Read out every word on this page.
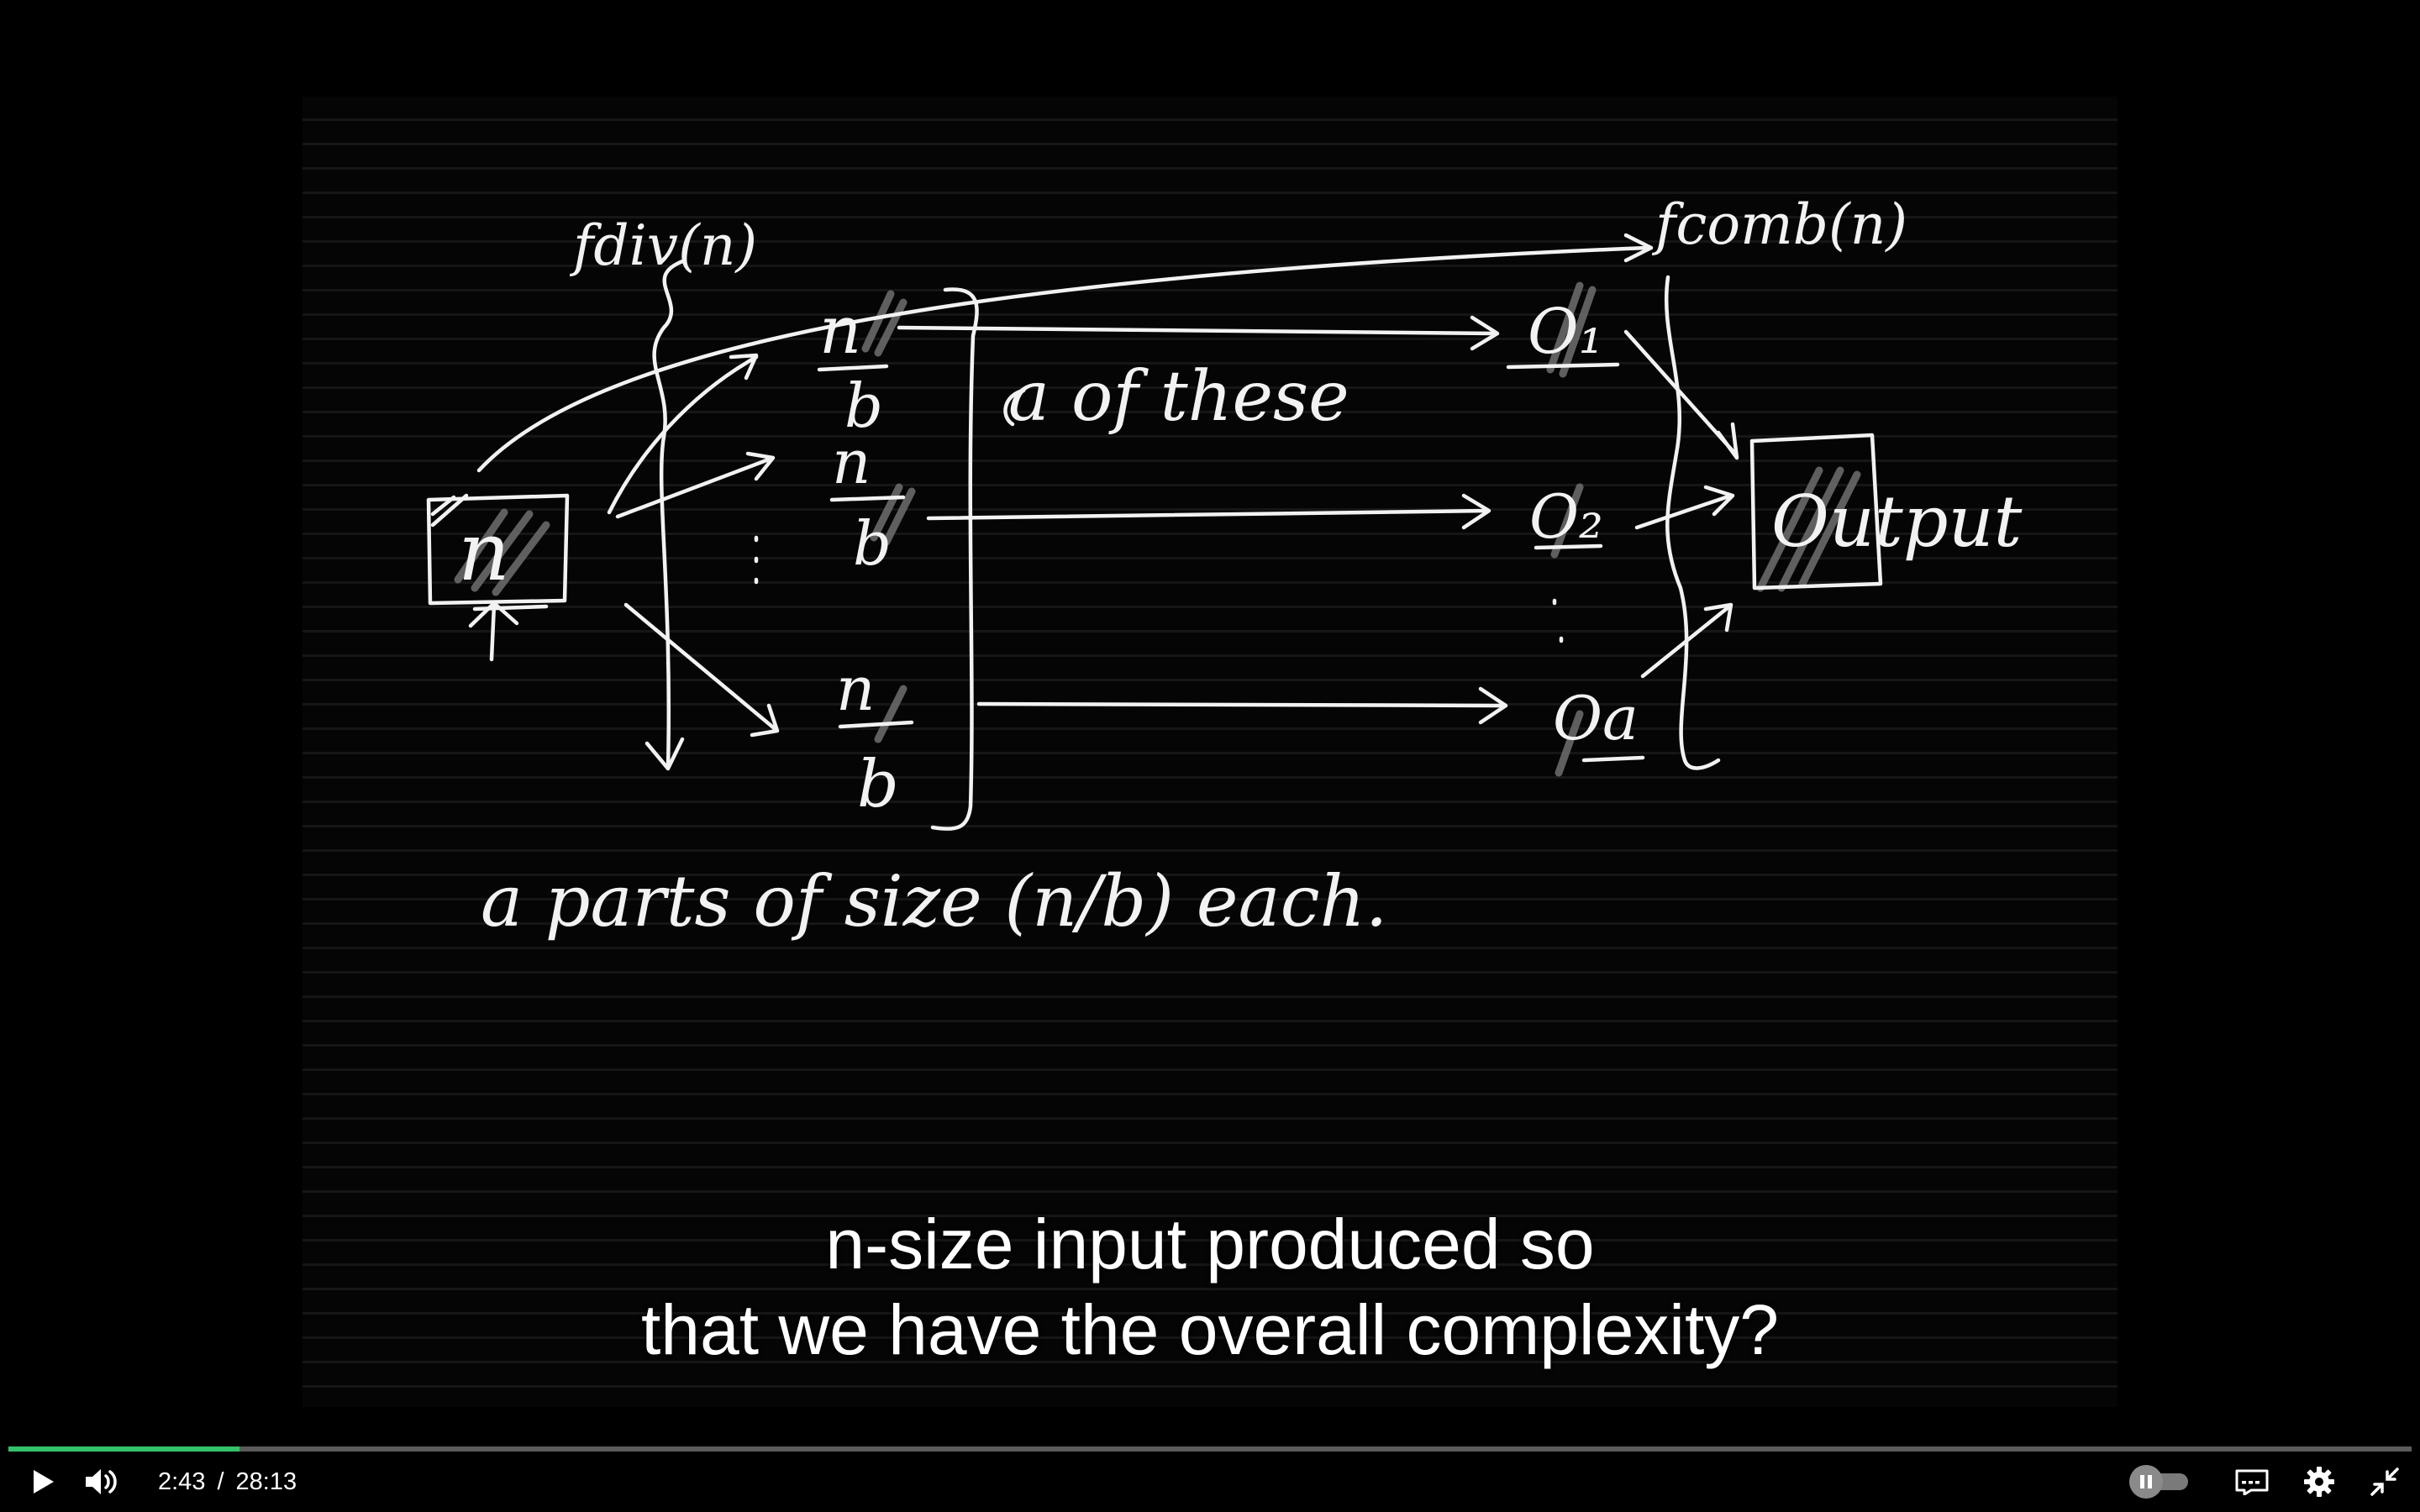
fdiv(n)	fcomb(n)
n
n
b
n
b
n
b
a of these
O₁
O₂
Oa
Output
a parts of size (n/b) each.
n-size input produced so
that we have the overall complexity?
2:43 / 28:13
